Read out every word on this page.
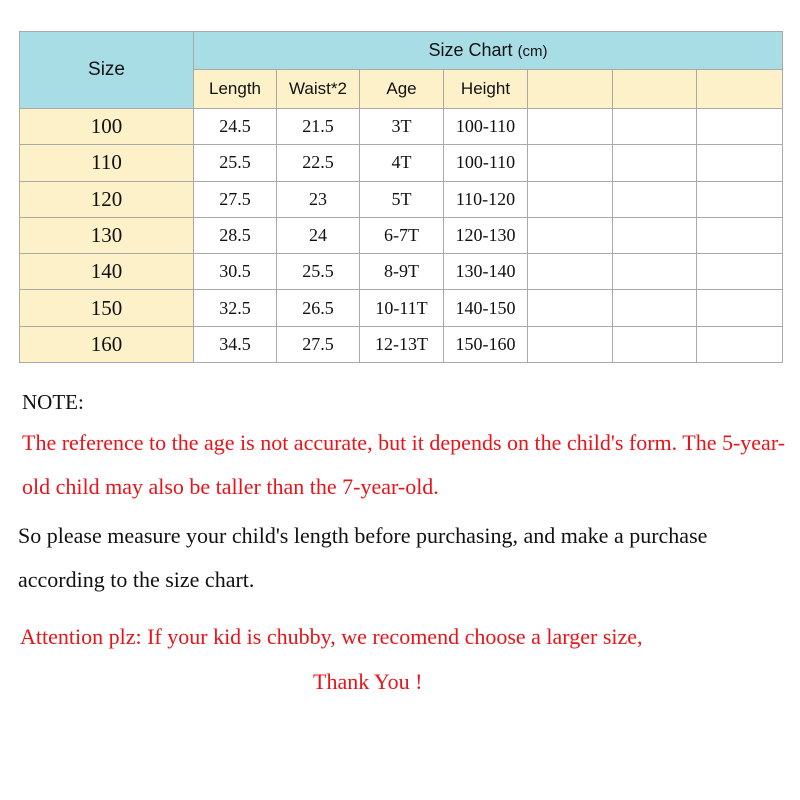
Size	Size Chart (cm)						
	Length	Waist*2	Age	Height			
100	24.5	21.5	3T	100-110			
110	25.5	22.5	4T	100-110			
120	27.5	23	5T	110-120			
130	28.5	24	6-7T	120-130			
140	30.5	25.5	8-9T	130-140			
150	32.5	26.5	10-11T	140-150			
160	34.5	27.5	12-13T	150-160			

NOTE:

The reference to the age is not accurate, but it depends on the child's form. The 5-year-old child may also be taller than the 7-year-old.

So please measure your child's length before purchasing, and make a purchase according to the size chart.

Attention plz: If your kid is chubby, we recomend choose a larger size,

Thank You !
